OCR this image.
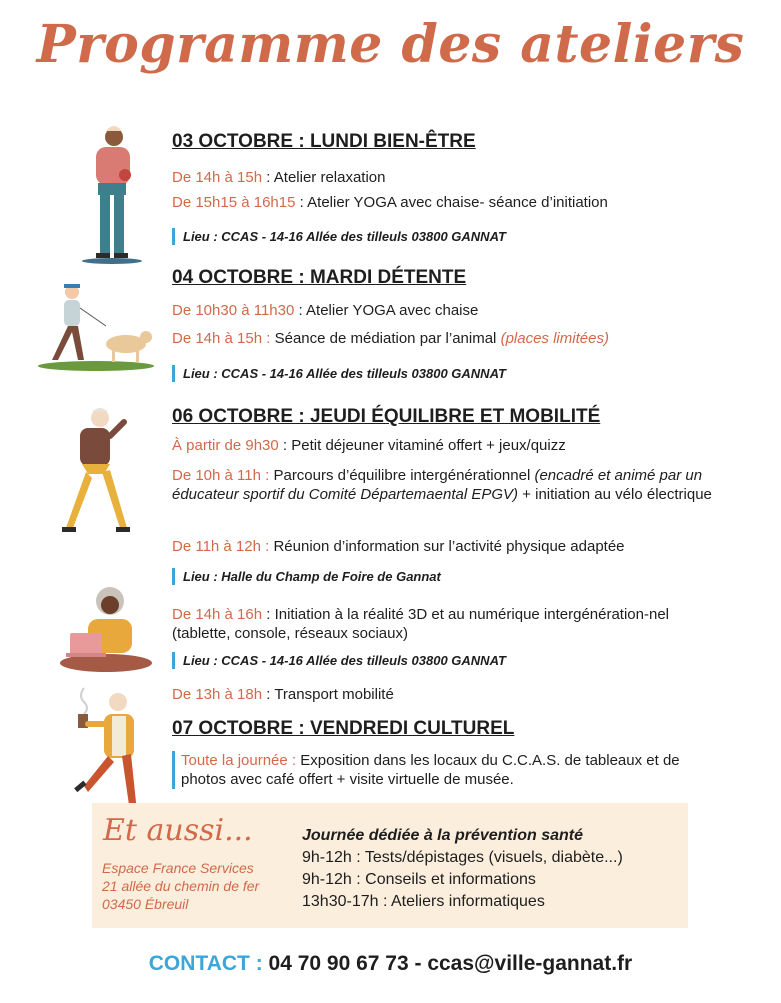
Programme des ateliers
03 OCTOBRE : LUNDI BIEN-ÊTRE
De 14h à 15h : Atelier relaxation
De 15h15 à 16h15 : Atelier YOGA avec chaise- séance d’initiation
Lieu : CCAS - 14-16 Allée des tilleuls 03800 GANNAT
04 OCTOBRE : MARDI DÉTENTE
De 10h30 à 11h30 : Atelier YOGA avec chaise
De 14h à 15h : Séance de médiation par l’animal (places limitées)
Lieu : CCAS - 14-16 Allée des tilleuls 03800 GANNAT
06 OCTOBRE : JEUDI ÉQUILIBRE ET MOBILITÉ
À partir de 9h30 : Petit déjeuner vitaminé offert + jeux/quizz
De 10h à 11h : Parcours d’équilibre intergénérationnel (encadré et animé par un éducateur sportif du Comité Départemaental EPGV) + initiation au vélo électrique
De 11h à 12h : Réunion d’information sur l’activité physique adaptée
Lieu : Halle du Champ de Foire de Gannat
De 14h à 16h : Initiation à la réalité 3D et au numérique intergénération-nel (tablette, console, réseaux sociaux)
Lieu : CCAS - 14-16 Allée des tilleuls 03800 GANNAT
De 13h à 18h : Transport mobilité
07 OCTOBRE : VENDREDI CULTUREL
Toute la journée : Exposition dans les locaux du C.C.A.S. de tableaux et de photos avec café offert + visite virtuelle de musée.
Et aussi...
Espace France Services
21 allée du chemin de fer
03450 Ébreuil
Journée dédiée à la prévention santé
9h-12h : Tests/dépistages (visuels, diabète...)
9h-12h : Conseils et informations
13h30-17h : Ateliers informatiques
CONTACT : 04 70 90 67 73 - ccas@ville-gannat.fr
